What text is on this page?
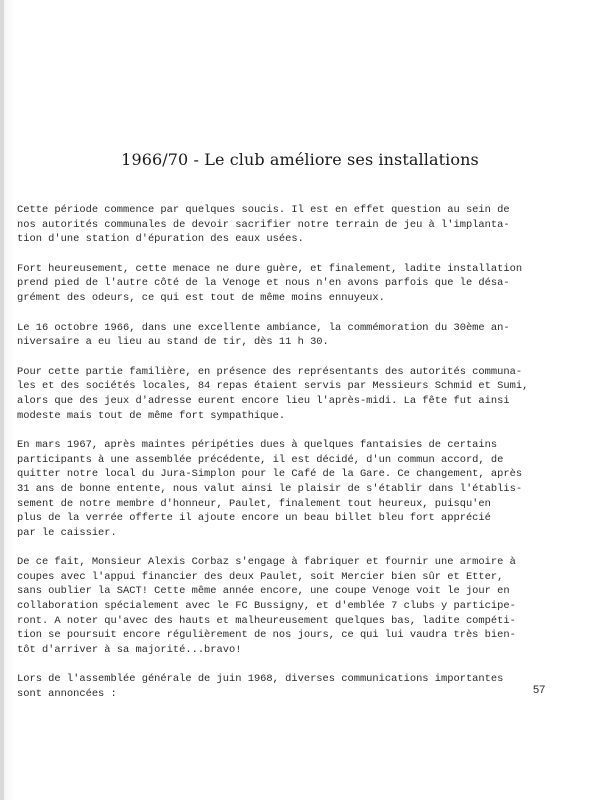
1966/70 - Le club améliore ses installations
Cette période commence par quelques soucis. Il est en effet question au sein de
nos autorités communales de devoir sacrifier notre terrain de jeu à l'implanta-
tion d'une station d'épuration des eaux usées.
Fort heureusement, cette menace ne dure guère, et finalement, ladite installation
prend pied de l'autre côté de la Venoge et nous n'en avons parfois que le désa-
grément des odeurs, ce qui est tout de même moins ennuyeux.
Le 16 octobre 1966, dans une excellente ambiance, la commémoration du 30ème an-
niversaire a eu lieu au stand de tir, dès 11 h 30.
Pour cette partie familière, en présence des représentants des autorités communa-
les et des sociétés locales, 84 repas étaient servis par Messieurs Schmid et Sumi,
alors que des jeux d'adresse eurent encore lieu l'après-midi. La fête fut ainsi
modeste mais tout de même fort sympathique.
En mars 1967, après maintes péripéties dues à quelques fantaisies de certains
participants à une assemblée précédente, il est décidé, d'un commun accord, de
quitter notre local du Jura-Simplon pour le Café de la Gare. Ce changement, après
31 ans de bonne entente, nous valut ainsi le plaisir de s'établir dans l'établis-
sement de notre membre d'honneur, Paulet, finalement tout heureux, puisqu'en
plus de la verrée offerte il ajoute encore un beau billet bleu fort apprécié
par le caissier.
De ce fait, Monsieur Alexis Corbaz s'engage à fabriquer et fournir une armoire à
coupes avec l'appui financier des deux Paulet, soit Mercier bien sûr et Etter,
sans oublier la SACT! Cette même année encore, une coupe Venoge voit le jour en
collaboration spécialement avec le FC Bussigny, et d'emblée 7 clubs y participe-
ront. A noter qu'avec des hauts et malheureusement quelques bas, ladite compéti-
tion se poursuit encore régulièrement de nos jours, ce qui lui vaudra très bien-
tôt d'arriver à sa majorité...bravo!
Lors de l'assemblée générale de juin 1968, diverses communications importantes
sont annoncées :	57
